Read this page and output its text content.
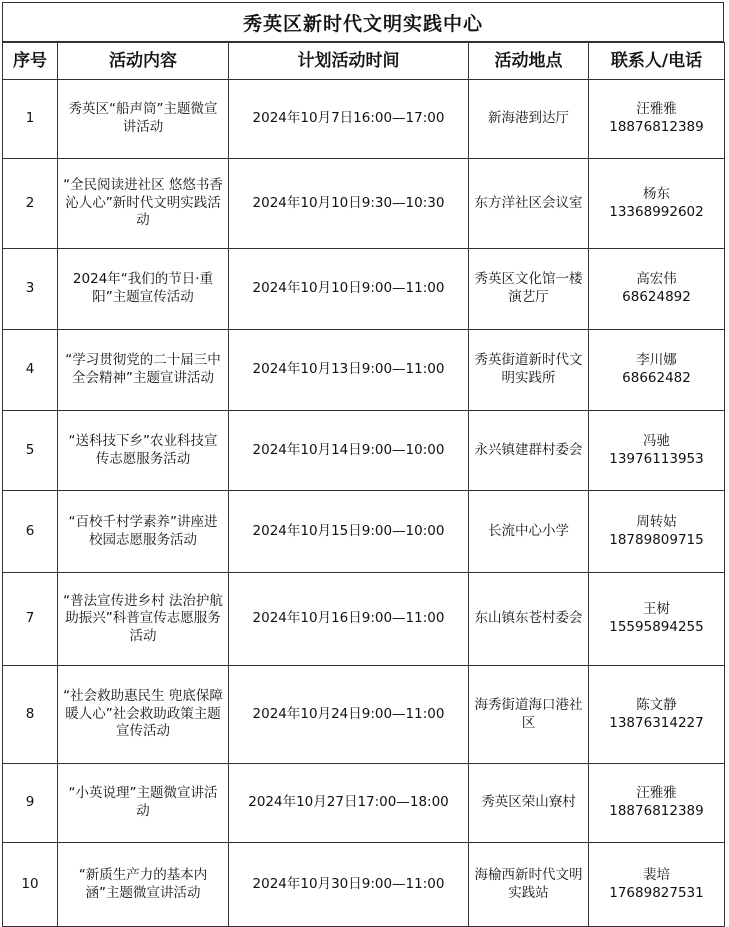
秀英区新时代文明实践中心
序号	活动内容	计划活动时间	活动地点	联系人/电话
1	秀英区“船声筒”主题微宣讲活动	2024年10月7日16:00—17:00	新海港到达厅	汪雅雅
18876812389

2	“全民阅读进社区 悠悠书香沁人心”新时代文明实践活动	2024年10月10日9:30—10:30	东方洋社区会议室	杨东
13368992602

3	2024年“我们的节日·重阳”主题宣传活动	2024年10月10日9:00—11:00	秀英区文化馆一楼演艺厅	高宏伟
68624892

4	“学习贯彻党的二十届三中全会精神”主题宣讲活动	2024年10月13日9:00—11:00	秀英街道新时代文明实践所	李川娜
68662482

5	“送科技下乡”农业科技宣传志愿服务活动	2024年10月14日9:00—10:00	永兴镇建群村委会	冯驰
13976113953

6	“百校千村学素养”讲座进校园志愿服务活动	2024年10月15日9:00—10:00	长流中心小学	周转姑
18789809715

7	“普法宣传进乡村 法治护航助振兴”科普宣传志愿服务活动	2024年10月16日9:00—11:00	东山镇东苍村委会	王树
15595894255

8	“社会救助惠民生 兜底保障暖人心”社会救助政策主题宣传活动	2024年10月24日9:00—11:00	海秀街道海口港社区	陈文静
13876314227

9	“小英说理”主题微宣讲活动	2024年10月27日17:00—18:00	秀英区荣山寮村	汪雅雅
18876812389

10	“新质生产力的基本内涵”主题微宣讲活动	2024年10月30日9:00—11:00	海榆西新时代文明实践站	裴培
17689827531
